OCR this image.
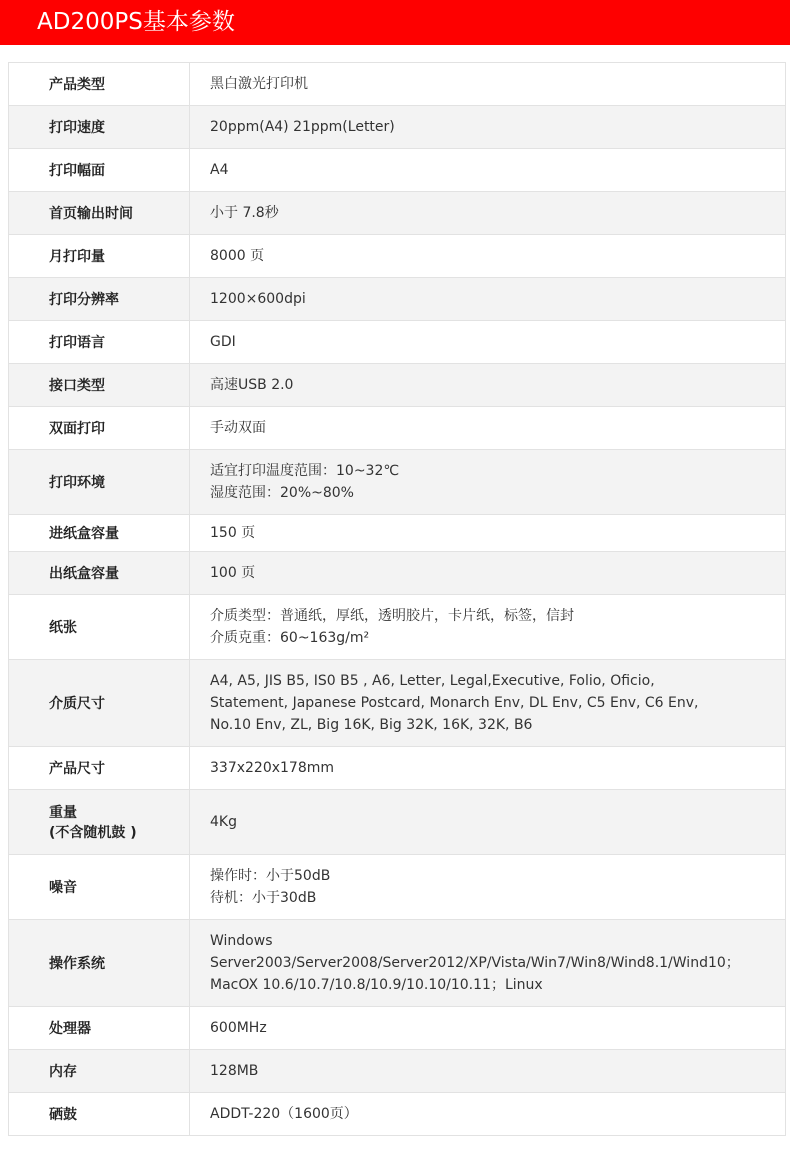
AD200PS基本参数
产品类型	黑白激光打印机

打印速度	20ppm(A4) 21ppm(Letter)

打印幅面	A4

首页输出时间	小于 7.8秒

月打印量	8000 页

打印分辨率	1200×600dpi

打印语言	GDI

接口类型	高速USB 2.0

双面打印	手动双面

打印环境	适宜打印温度范围：10~32℃
湿度范围：20%~80%

进纸盒容量	150 页

出纸盒容量	100 页

纸张	介质类型：普通纸，厚纸，透明胶片，卡片纸，标签，信封
介质克重：60~163g/m²

介质尺寸	A4, A5, JIS B5, IS0 B5 , A6, Letter, Legal,Executive, Folio, Oficio,
Statement, Japanese Postcard, Monarch Env, DL Env, C5 Env, C6 Env,
No.10 Env, ZL, Big 16K, Big 32K, 16K, 32K, B6

产品尺寸	337x220x178mm

重量
(不含随机鼓 )	4Kg

噪音	操作时：小于50dB
待机：小于30dB

操作系统	Windows
Server2003/Server2008/Server2012/XP/Vista/Win7/Win8/Wind8.1/Wind10；
MacOX 10.6/10.7/10.8/10.9/10.10/10.11；Linux

处理器	600MHz

内存	128MB

硒鼓	ADDT-220（1600页）
